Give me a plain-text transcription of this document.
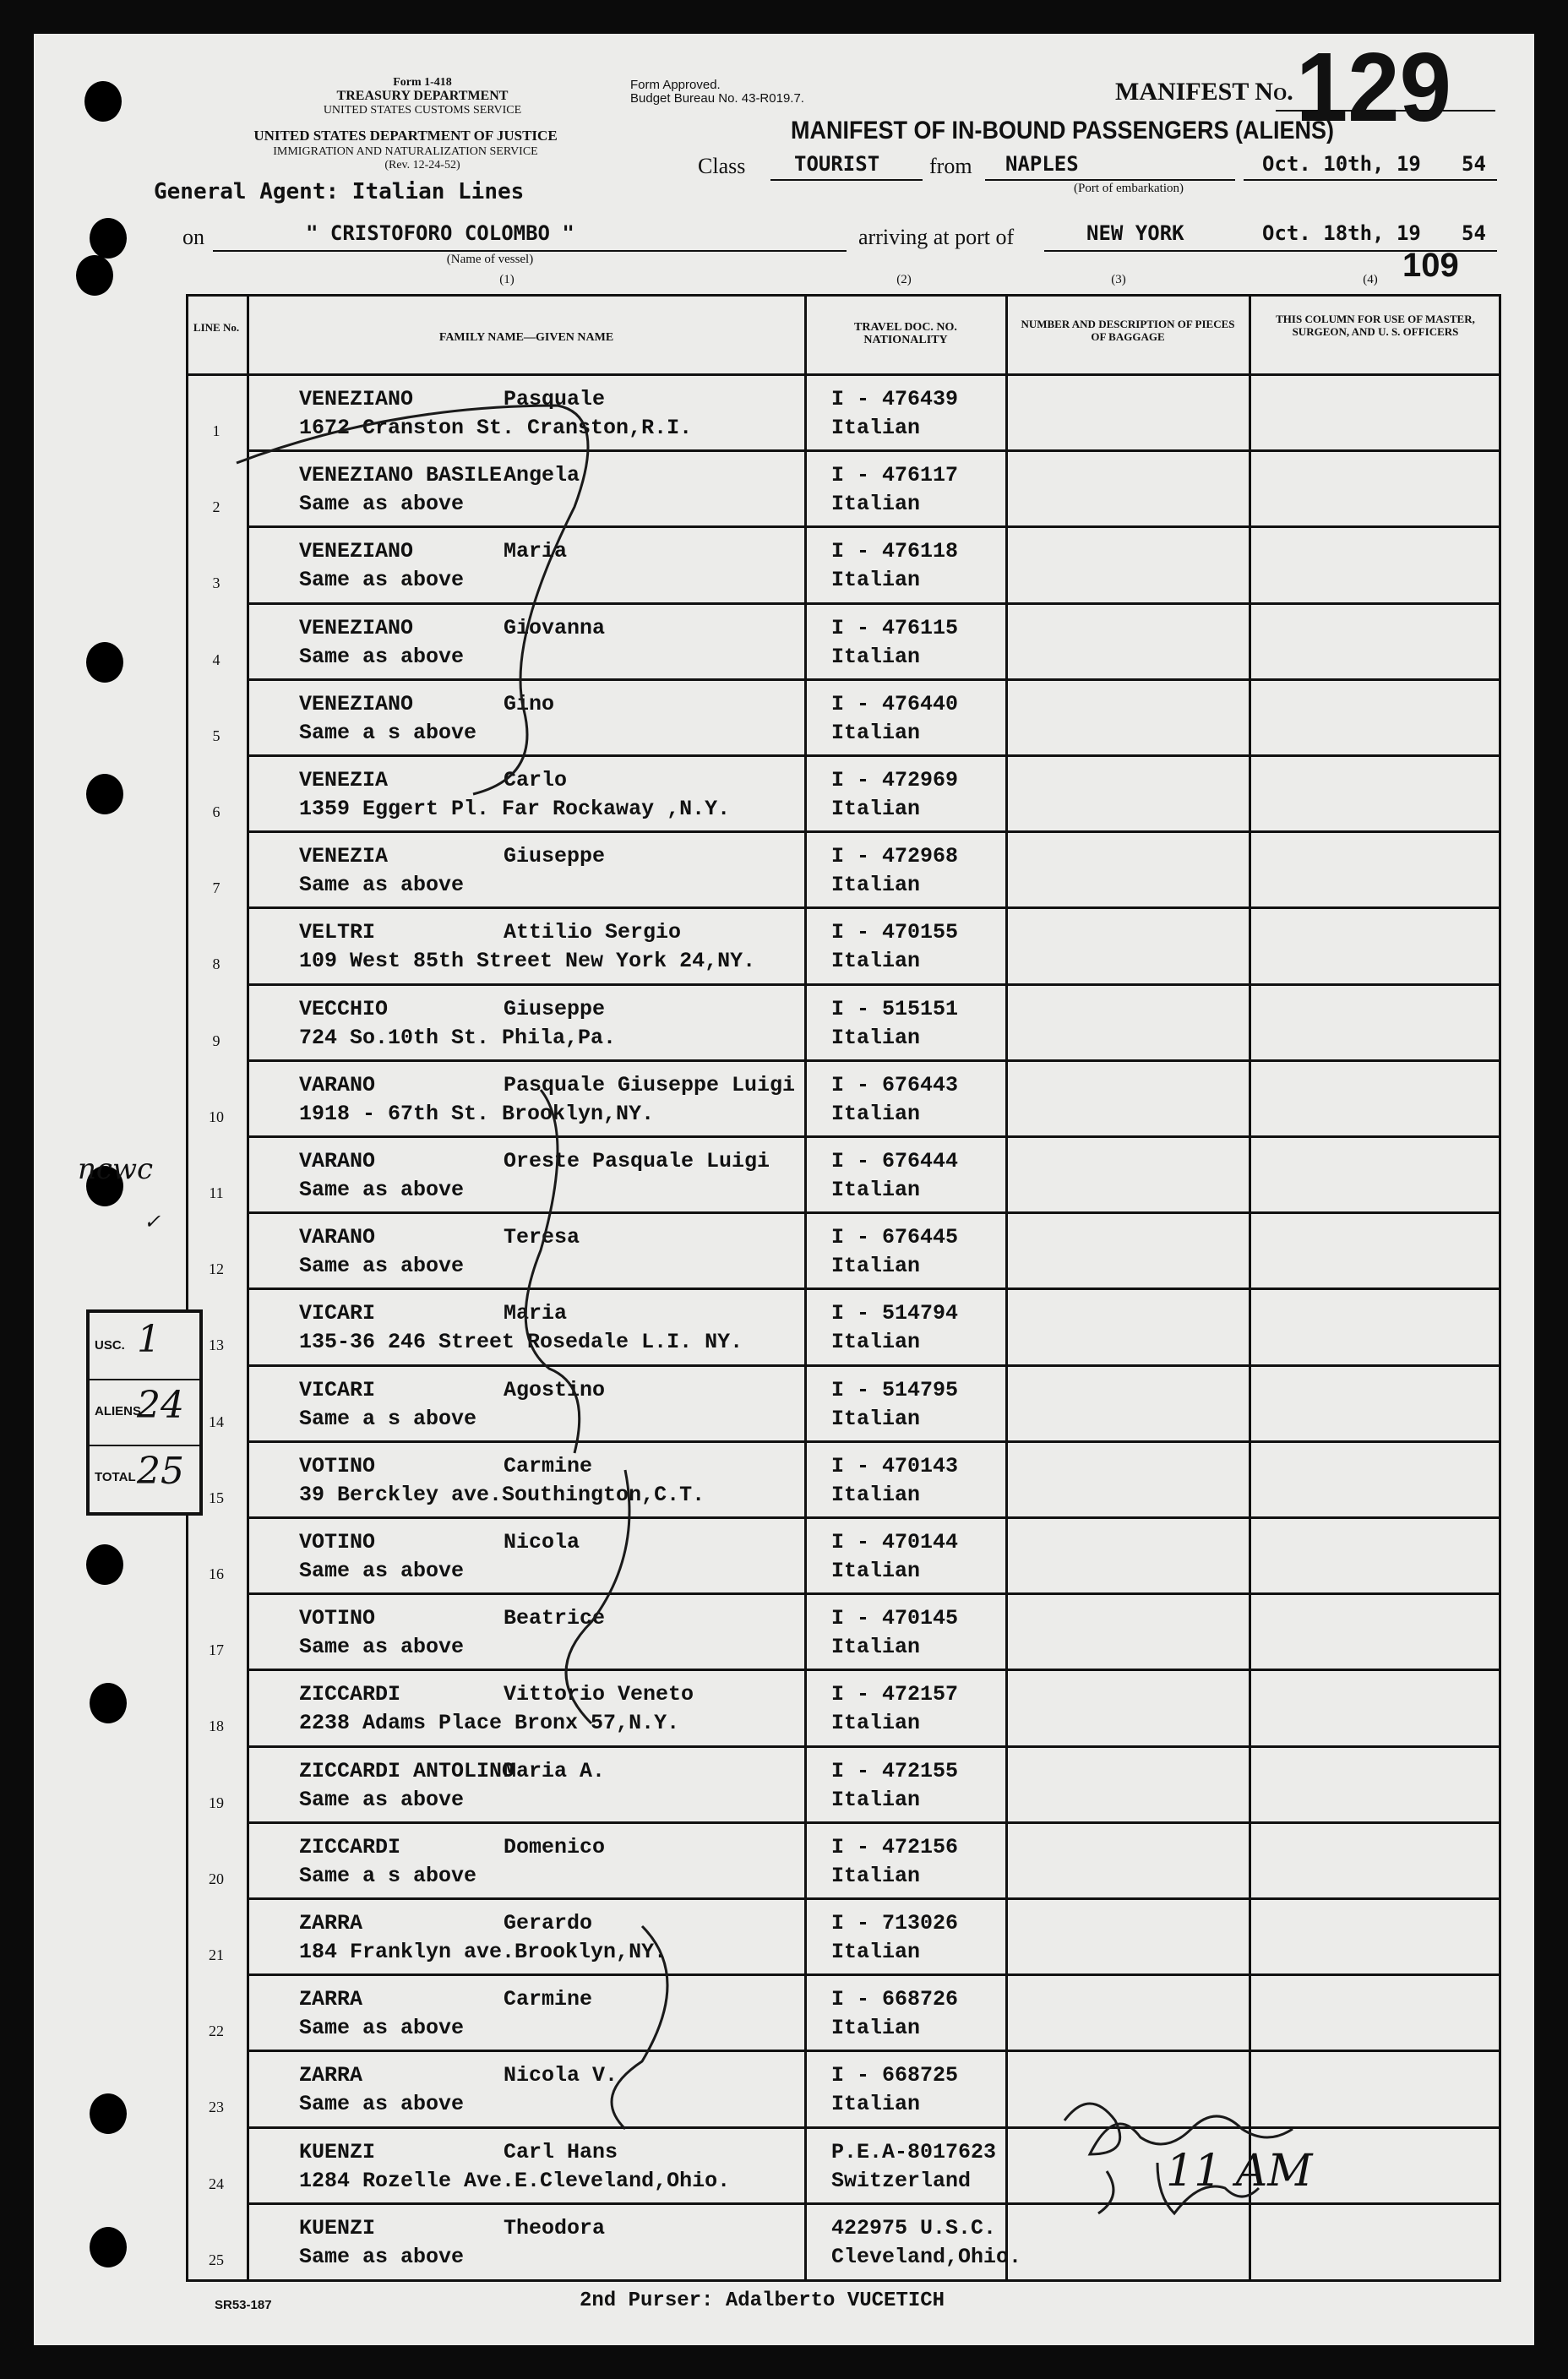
Form 1-418
TREASURY DEPARTMENT
UNITED STATES CUSTOMS SERVICE
UNITED STATES DEPARTMENT OF JUSTICE
IMMIGRATION AND NATURALIZATION SERVICE
(Rev. 12-24-52)
General Agent: Italian Lines
Form Approved.
Budget Bureau No. 43-R019.7.
MANIFEST OF IN-BOUND PASSENGERS (ALIENS)
MANIFEST No. 129
Class TOURIST from NAPLES
(Port of embarkation)
Oct. 10th, 19 54
on	" CRISTOFORO COLOMBO "
(Name of vessel)
arriving at port of	NEW YORK	Oct. 18th, 19 54
109
(1)	(2)	(3)	(4)
LINE No.
FAMILY NAME—GIVEN NAME
TRAVEL DOC. NO. NATIONALITY
NUMBER AND DESCRIPTION OF PIECES OF BAGGAGE
THIS COLUMN FOR USE OF MASTER, SURGEON, AND U. S. OFFICERS
1
VENEZIANO	Pasquale
1672 Cranston St. Cranston,R.I.
I - 476439
Italian
2
VENEZIANO BASILE Angela
Same as above
I - 476117
Italian
3
VENEZIANO	Maria
Same as above
I - 476118
Italian
4
VENEZIANO	Giovanna
Same as above
I - 476115
Italian
5
VENEZIANO	Gino
Same a s above
I - 476440
Italian
6
VENEZIA	Carlo
1359 Eggert Pl. Far Rockaway ,N.Y.
I - 472969
Italian
7
VENEZIA	Giuseppe
Same as above
I - 472968
Italian
8
VELTRI	Attilio Sergio
109 West 85th Street New York 24,NY.
I - 470155
Italian
9
VECCHIO	Giuseppe
724 So.10th St. Phila,Pa.
I - 515151
Italian
10
VARANO	Pasquale Giuseppe Luigi
1918 - 67th St. Brooklyn,NY.
I - 676443
Italian
11
VARANO	Oreste Pasquale Luigi
Same as above
I - 676444
Italian
12
VARANO	Teresa
Same as above
I - 676445
Italian
13
VICARI	Maria
135-36 246 Street Rosedale L.I. NY.
I - 514794
Italian
14
VICARI	Agostino
Same a s above
I - 514795
Italian
15
VOTINO	Carmine
39 Berckley ave.Southington,C.T.
I - 470143
Italian
16
VOTINO	Nicola
Same as above
I - 470144
Italian
17
VOTINO	Beatrice
Same as above
I - 470145
Italian
18
ZICCARDI	Vittorio Veneto
2238 Adams Place Bronx 57,N.Y.
I - 472157
Italian
19
ZICCARDI ANTOLINO
Maria A.
Same as above
I - 472155
Italian
20
ZICCARDI	Domenico
Same a s above
I - 472156
Italian
21
ZARRA	Gerardo
184 Franklyn ave.Brooklyn,NY.
I - 713026
Italian
22
ZARRA	Carmine
Same as above
I - 668726
Italian
23
ZARRA	Nicola V.
Same as above
I - 668725
Italian
24
KUENZI	Carl Hans
1284 Rozelle Ave.E.Cleveland,Ohio.
P.E.A-8017623
Switzerland
25
KUENZI	Theodora
Same as above
422975 U.S.C.
Cleveland,Ohio.
ncwc
✓
USC. 1
ALIENS
24
TOTAL 25
11 AM
SR53-187	2nd Purser: Adalberto VUCETICH
